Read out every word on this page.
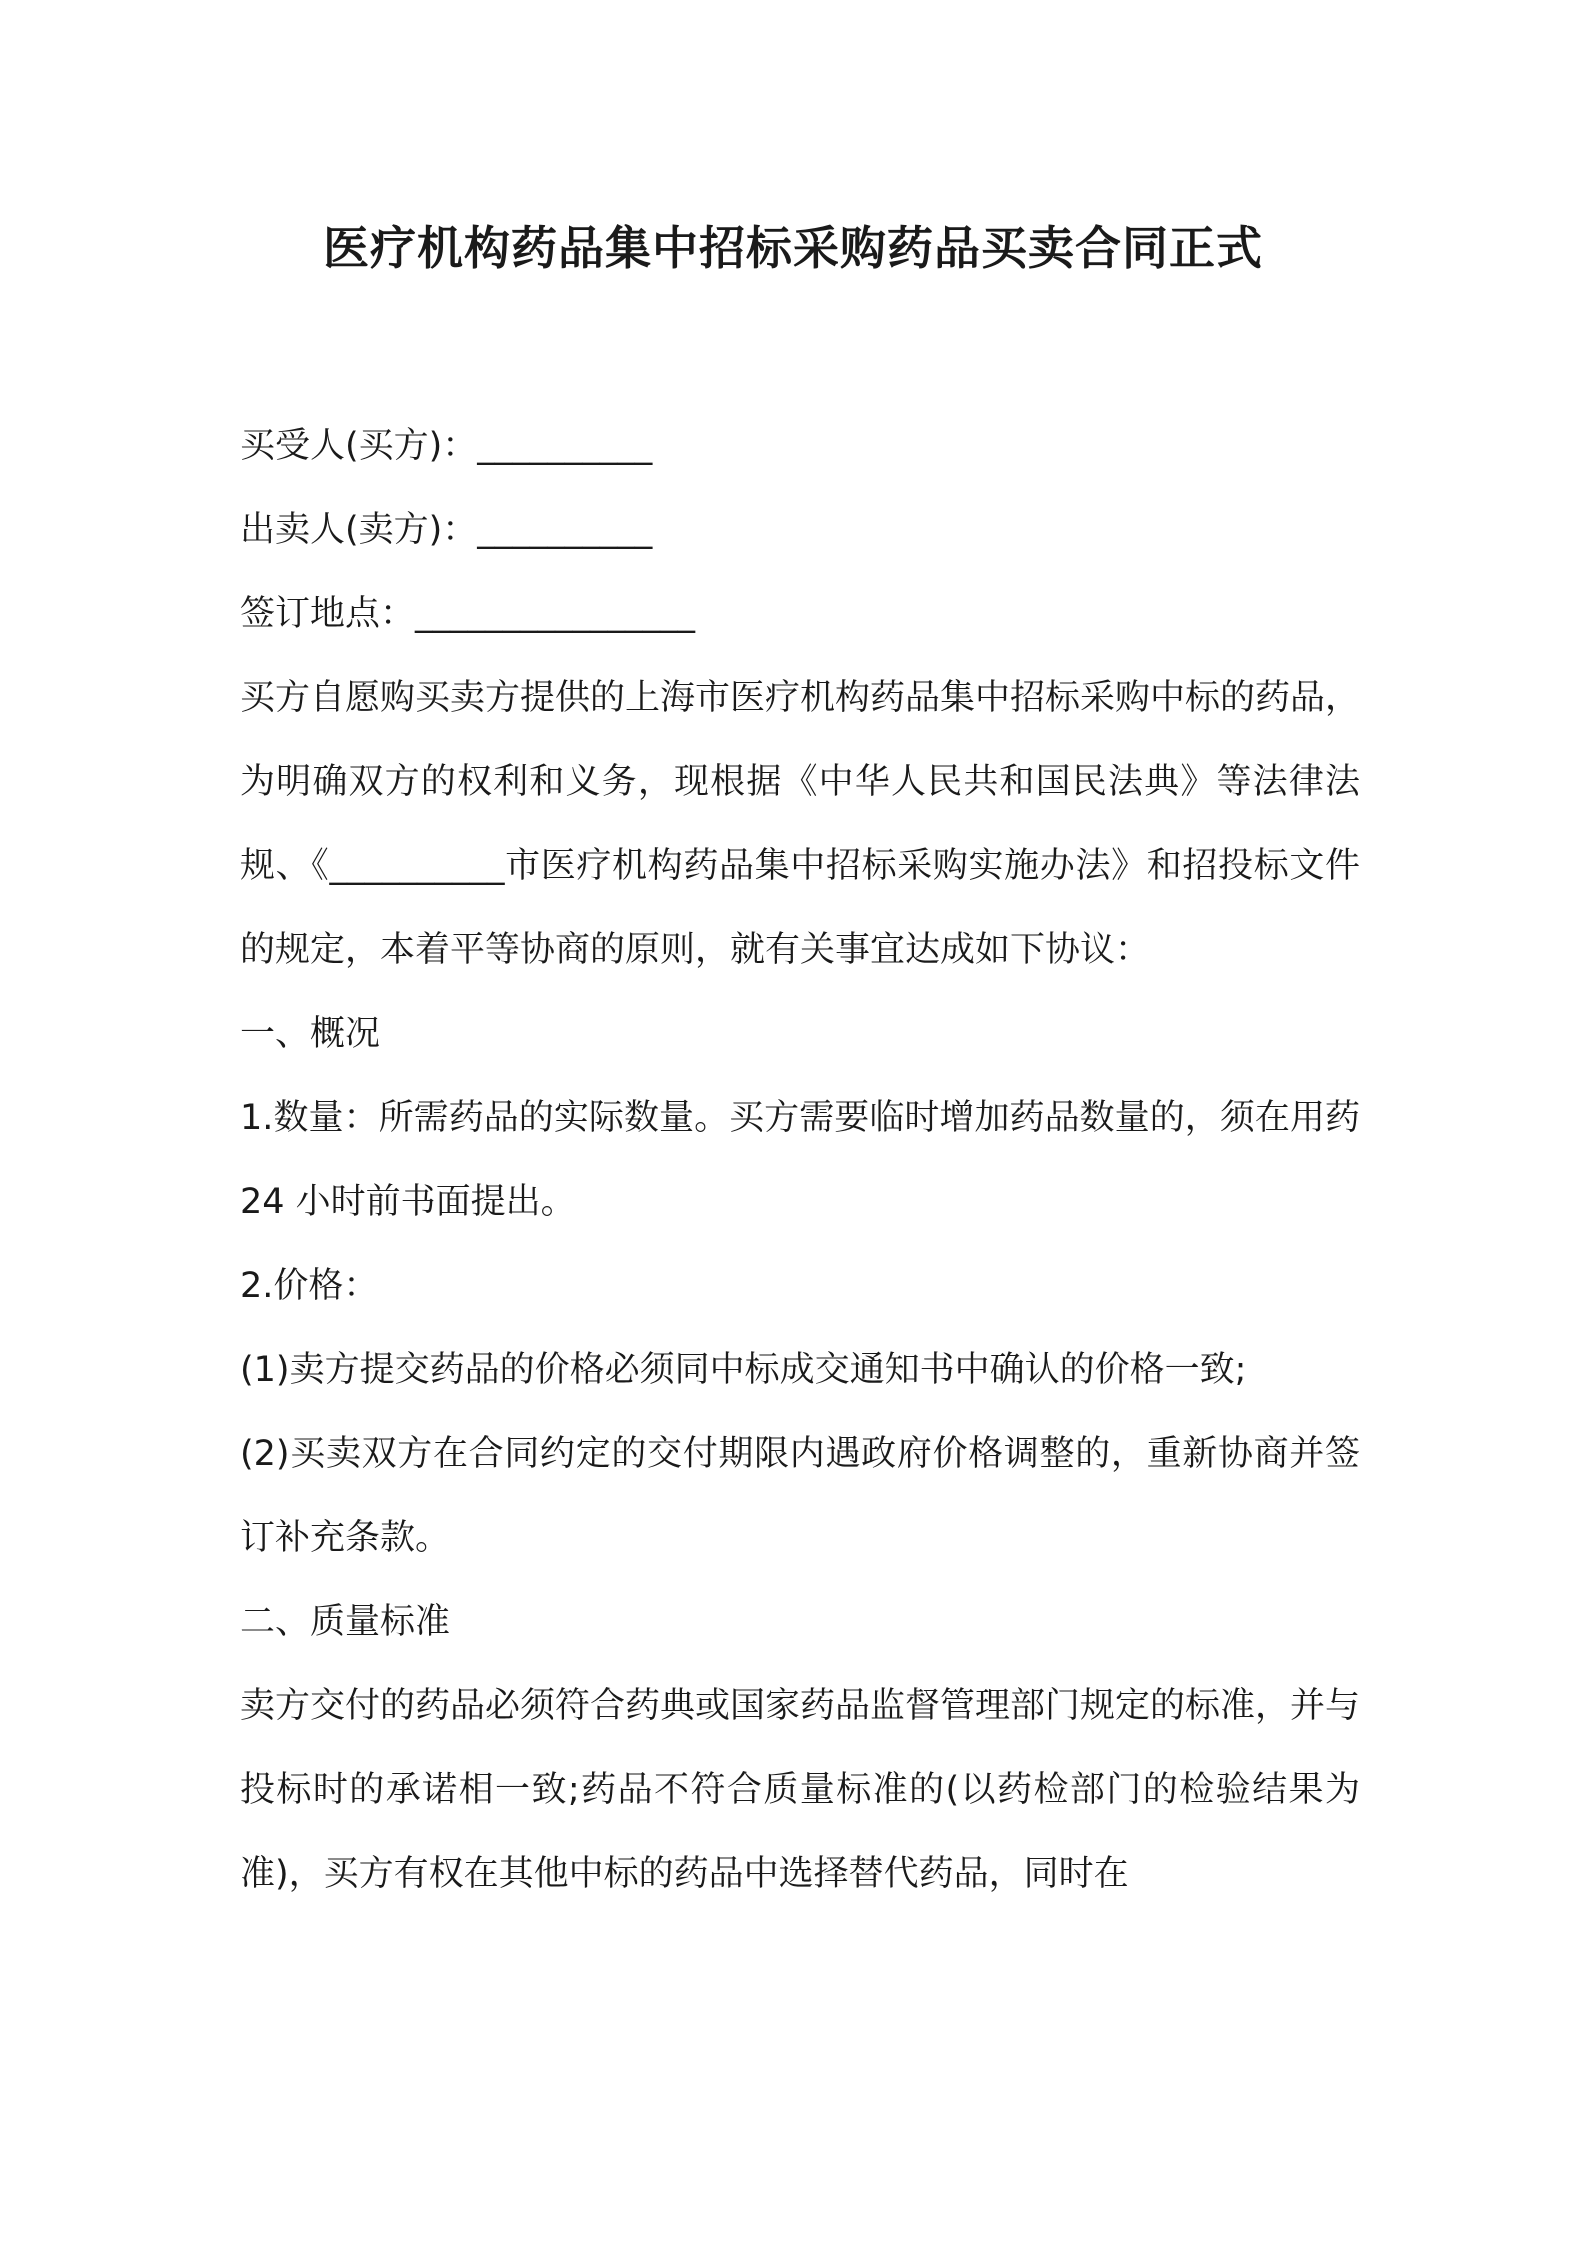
医疗机构药品集中招标采购药品买卖合同正式

买受人(买方)：__________

出卖人(卖方)：__________

签订地点：________________

买方自愿购买卖方提供的上海市医疗机构药品集中招标采购中标的药品，为明确双方的权利和义务，现根据《中华人民共和国民法典》等法律法规、《__________市医疗机构药品集中招标采购实施办法》和招投标文件的规定，本着平等协商的原则，就有关事宜达成如下协议：

一、概况

1.数量：所需药品的实际数量。买方需要临时增加药品数量的，须在用药 24 小时前书面提出。

2.价格：

(1)卖方提交药品的价格必须同中标成交通知书中确认的价格一致;

(2)买卖双方在合同约定的交付期限内遇政府价格调整的，重新协商并签订补充条款。

二、质量标准

卖方交付的药品必须符合药典或国家药品监督管理部门规定的标准，并与投标时的承诺相一致;药品不符合质量标准的(以药检部门的检验结果为准)，买方有权在其他中标的药品中选择替代药品，同时在
